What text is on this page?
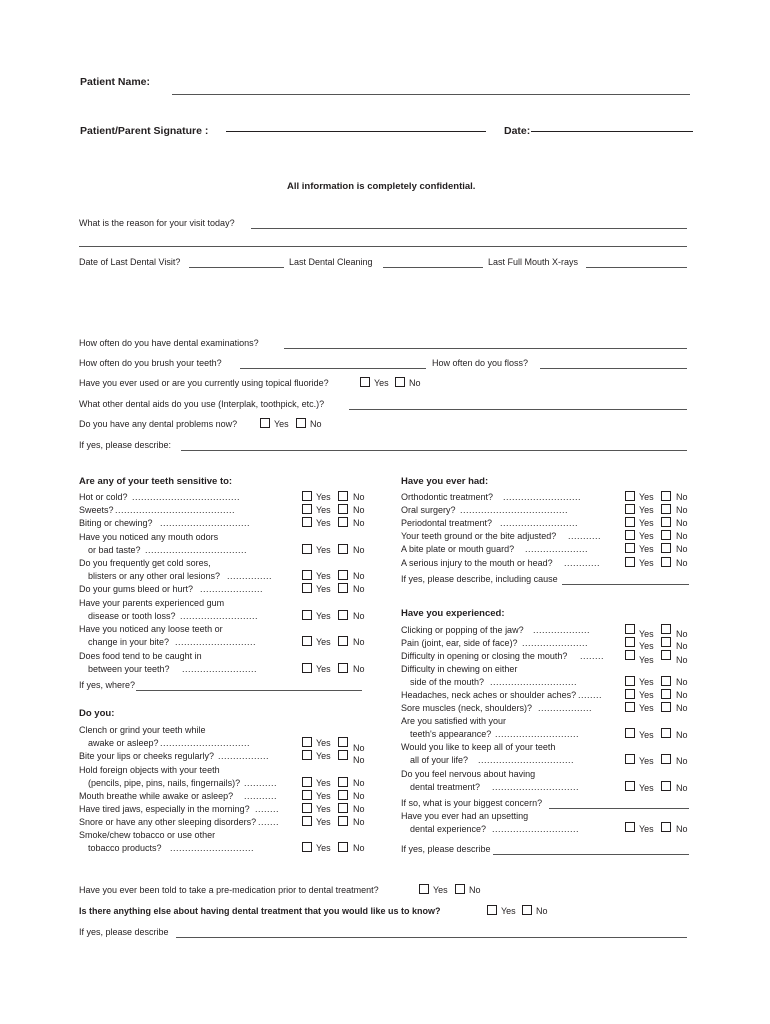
Patient Name:
Patient/Parent Signature :	Date:
All information is completely confidential.
What is the reason for your visit today?
Date of Last Dental Visit?	Last Dental Cleaning	Last Full Mouth X-rays
How often do you have dental examinations?
How often do you brush your teeth?	How often do you floss?
Have you ever used or are you currently using topical fluoride?	Yes No
What other dental aids do you use (Interplak, toothpick, etc.)?
Do you have any dental problems now?	Yes No
If yes, please describe:
Are any of your teeth sensitive to:
Hot or cold? ....................................	Yes No
Sweets? ........................................	Yes No
Biting or chewing? ..............................	Yes No
Have you noticed any mouth odors
or bad taste? ..................................	Yes No
Do you frequently get cold sores,
blisters or any other oral lesions? ...............	Yes No
Do your gums bleed or hurt? .....................	Yes No
Have your parents experienced gum
disease or tooth loss? ..........................	Yes No
Have you noticed any loose teeth or
change in your bite? ...........................	Yes No
Does food tend to be caught in
between your teeth? .........................	Yes No
If yes, where?
Do you:
Clench or grind your teeth while
awake or asleep? ..............................	Yes No
Bite your lips or cheeks regularly? .................	Yes No
Hold foreign objects with your teeth
(pencils, pipe, pins, nails, fingernails)? ...........	Yes No
Mouth breathe while awake or asleep? ...........	Yes No
Have tired jaws, especially in the morning? ........	Yes No
Snore or have any other sleeping disorders? .......	Yes No
Smoke/chew tobacco or use other
tobacco products? ............................	Yes No
Have you ever had:
Orthodontic treatment? ..........................	Yes No
Oral surgery? ....................................	Yes No
Periodontal treatment? ..........................	Yes No
Your teeth ground or the bite adjusted? ...........	Yes No
A bite plate or mouth guard? .....................	Yes No
A serious injury to the mouth or head? ............	Yes No
If yes, please describe, including cause
Have you experienced:
Clicking or popping of the jaw? ...................	Yes No
Pain (joint, ear, side of face)? ......................	Yes No
Difficulty in opening or closing the mouth? ........	Yes No
Difficulty in chewing on either
side of the mouth? .............................	Yes No
Headaches, neck aches or shoulder aches? ........	Yes No
Sore muscles (neck, shoulders)? ..................	Yes No
Are you satisfied with your
teeth's appearance? ............................	Yes No
Would you like to keep all of your teeth
all of your life? ................................	Yes No
Do you feel nervous about having
dental treatment? .............................	Yes No
If so, what is your biggest concern?
Have you ever had an upsetting
dental experience? .............................	Yes No
If yes, please describe
Have you ever been told to take a pre-medication prior to dental treatment?	Yes No
Is there anything else about having dental treatment that you would like us to know?	Yes No
If yes, please describe
